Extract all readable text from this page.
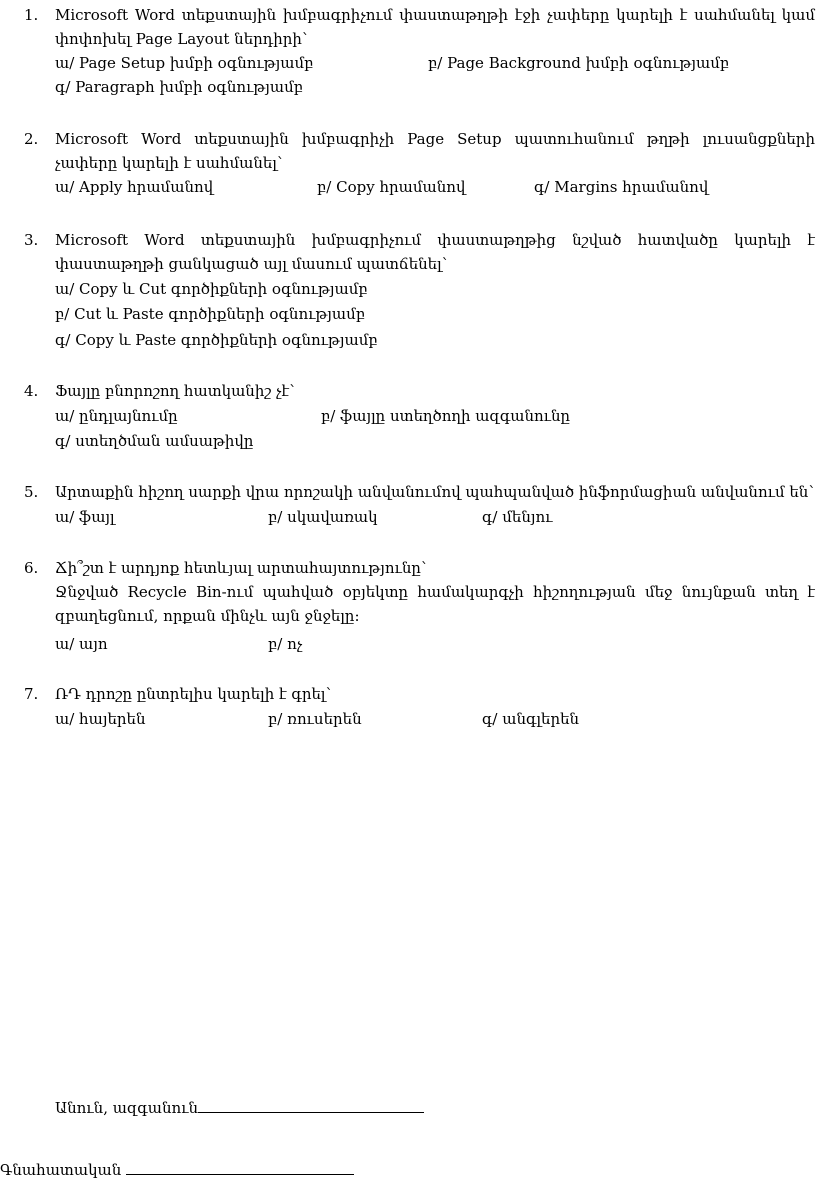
1.	Microsoft Word տեքստային խմբագրիչում փաստաթղթի էջի չափերը կարելի է սահմանել կամ փոփոխել Page Layout ներդիրի՝
ա/ Page Setup խմբի օգնությամբ	բ/ Page Background խմբի օգնությամբ
գ/ Paragraph խմբի օգնությամբ
2.	Microsoft Word տեքստային խմբագրիչի Page Setup պատուհանում թղթի լուսանցքների չափերը կարելի է սահմանել՝
ա/ Apply հրամանով	բ/ Copy հրամանով	գ/ Margins հրամանով
3.	Microsoft Word տեքստային խմբագրիչում փաստաթղթից նշված հատվածը կարելի է փաստաթղթի ցանկացած այլ մասում պատճենել՝
ա/ Copy և Cut գործիքների օգնությամբ
բ/ Cut և Paste գործիքների օգնությամբ
գ/ Copy և Paste գործիքների օգնությամբ
4.	Ֆայլը բնորոշող հատկանիշ չէ՝
ա/ ընդլայնումը	բ/ ֆայլը ստեղծողի ազգանունը
գ/ ստեղծման ամսաթիվը
5.	Արտաքին հիշող սարքի վրա որոշակի անվանումով պահպանված ինֆորմացիան անվանում են՝
ա/ ֆայլ	բ/ սկավառակ	գ/ մենյու
6.	Ճի՞շտ է արդյոք հետևյալ արտահայտությունը՝
Ջնջված Recycle Bin-ում պահված օբյեկտը համակարգչի հիշողության մեջ նույնքան տեղ է զբաղեցնում, որքան մինչև այն ջնջելը:
ա/ այո	բ/ ոչ
7.	ՌԴ դրոշը ընտրելիս կարելի է գրել՝
ա/ հայերեն	բ/ ռուսերեն	գ/ անգլերեն
Անուն, ազգանուն
Գնահատական
